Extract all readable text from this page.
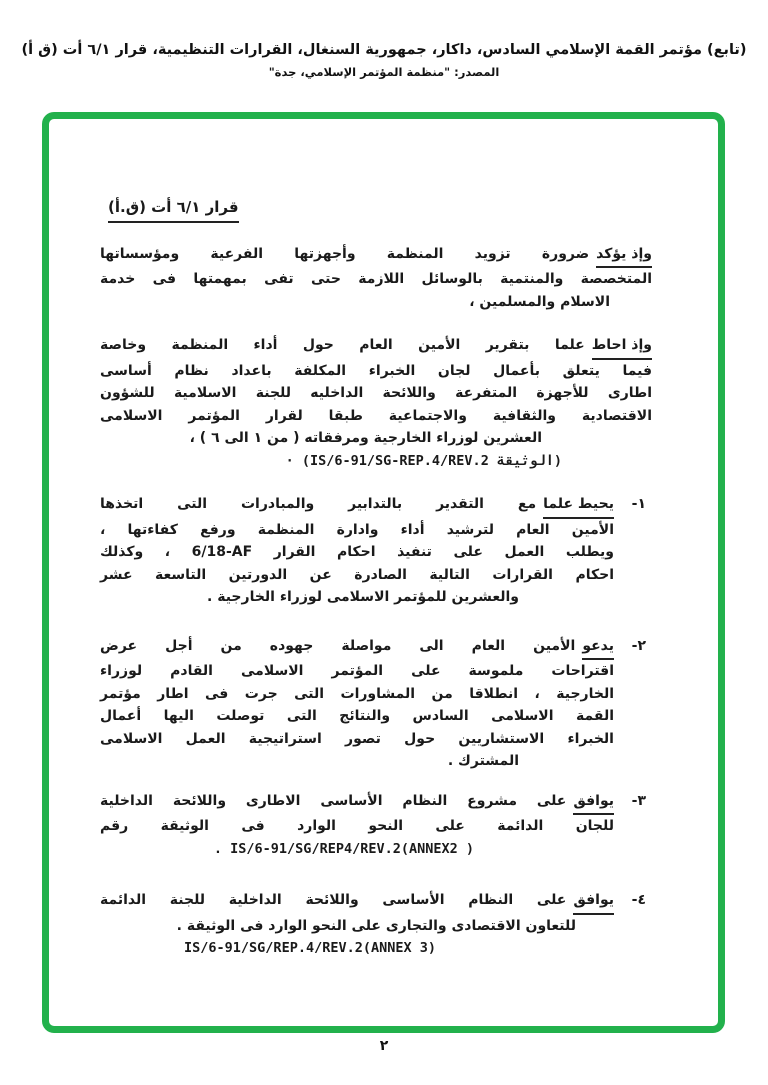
(تابع) مؤتمر القمة الإسلامي السادس، داكار، جمهورية السنغال، القرارات التنظيمية، قرار ٦/١ أت (ق أ)
المصدر: "منظمة المؤتمر الإسلامي، جدة"
قرار ٦/١ أت (ق.أ)
وإذ يؤكدضرورة تزويد المنظمة وأجهزتها الفرعية ومؤسساتها
المتخصصة والمنتمية بالوسائل اللازمة حتى تفى بمهمتها فى خدمة
الاسلام والمسلمين ،
وإذ احاطعلما بتقرير الأمين العام حول أداء المنظمة وخاصة
فيما يتعلق بأعمال لجان الخبراء المكلفة باعداد نظام أساسى
اطارى للأجهزة المتفرعة واللائحة الداخليه للجنة الاسلامية للشؤون
الاقتصادية والثقافية والاجتماعية طبقا لقرار المؤتمر الاسلامى
العشرين لوزراء الخارجية ومرفقاته ( من ١ الى ٦ ) ،
· (IS/6-91/SG-REP.4/REV.2 الوثيقة)
١-
يحيط علمامع التقدير بالتدابير والمبادرات التى اتخذها
الأمين العام لترشيد أداء وادارة المنظمة ورفع كفاءتها ،
ويطلب العمل على تنفيذ احكام القرار ‎6/18-AF‎ ، وكذلك
احكام القرارات التالية الصادرة عن الدورتين التاسعة عشر
والعشرين للمؤتمر الاسلامى لوزراء الخارجية .
٢-
يدعوالأمين العام الى مواصلة جهوده من أجل عرض
اقتراحات ملموسة على المؤتمر الاسلامى القادم لوزراء
الخارجية ، انطلاقا من المشاورات التى جرت فى اطار مؤتمر
القمة الاسلامى السادس والنتائج التى توصلت اليها أعمال
الخبراء الاستشاريين حول تصور استراتيجية العمل الاسلامى
المشترك .
٣-
يوافقعلى مشروع النظام الأساسى الاطارى واللائحة الداخلية
للجان الدائمة على النحو الوارد فى الوثيقة رقم
. IS/6-91/SG/REP4/REV.2(ANNEX2 )
٤-
يوافقعلى النظام الأساسى واللائحة الداخلية للجنة الدائمة
للتعاون الاقتصادى والتجارى على النحو الوارد فى الوثيقة .
IS/6-91/SG/REP.4/REV.2(ANNEX 3)
٢
